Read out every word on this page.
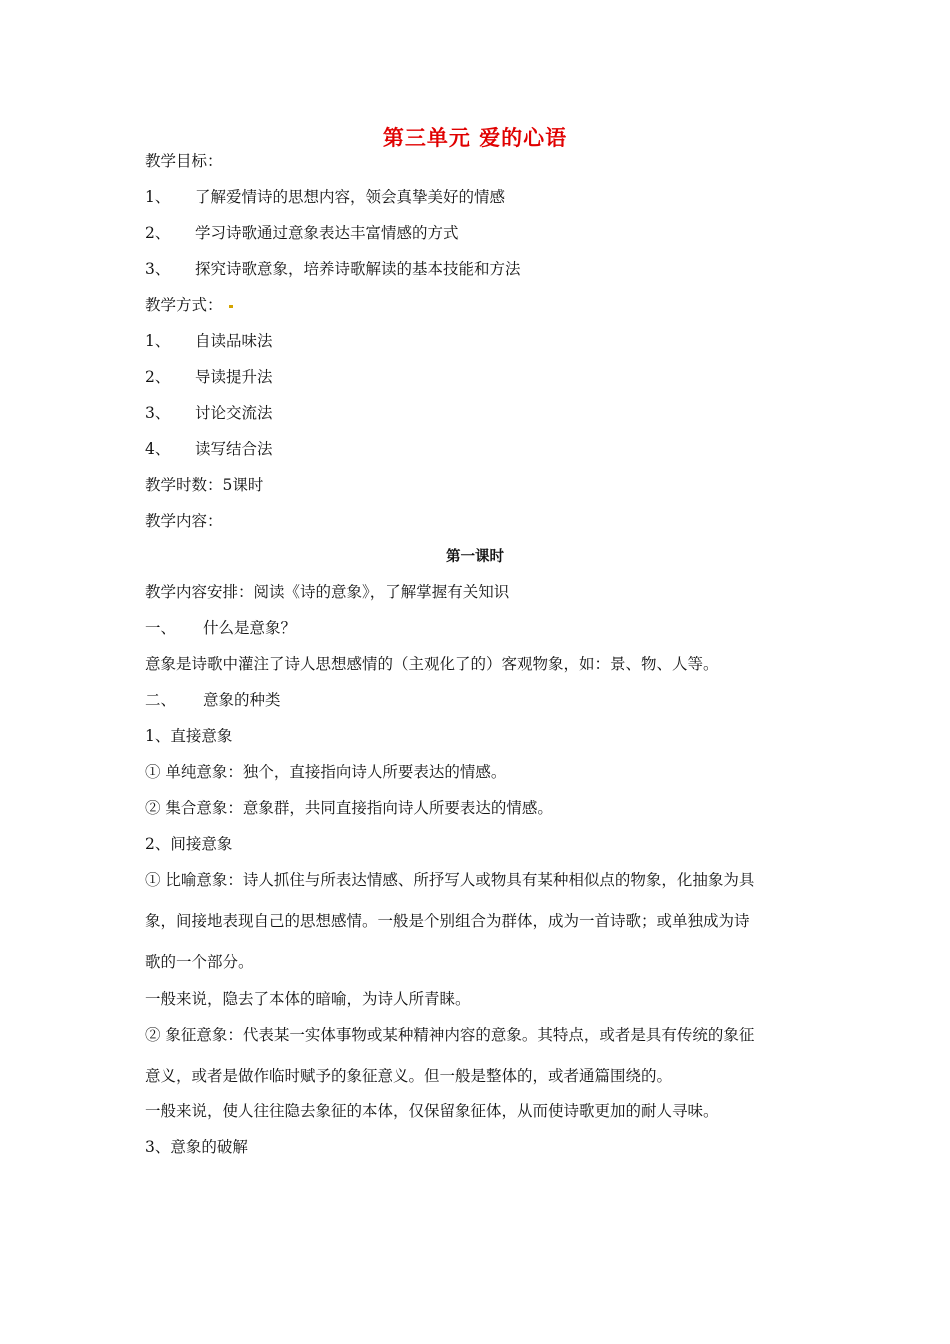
第三单元 爱的心语
教学目标：
1、 了解爱情诗的思想内容，领会真挚美好的情感
2、 学习诗歌通过意象表达丰富情感的方式
3、 探究诗歌意象，培养诗歌解读的基本技能和方法
教学方式：
1、 自读品味法
2、 导读提升法
3、 讨论交流法
4、 读写结合法
教学时数：5课时
教学内容：
第一课时
教学内容安排：阅读《诗的意象》，了解掌握有关知识
一、 什么是意象？
意象是诗歌中灌注了诗人思想感情的（主观化了的）客观物象，如：景、物、人等。
二、 意象的种类
1、直接意象
① 单纯意象：独个，直接指向诗人所要表达的情感。
② 集合意象：意象群，共同直接指向诗人所要表达的情感。
2、间接意象
① 比喻意象：诗人抓住与所表达情感、所抒写人或物具有某种相似点的物象，化抽象为具
象，间接地表现自己的思想感情。一般是个别组合为群体，成为一首诗歌；或单独成为诗
歌的一个部分。
一般来说，隐去了本体的暗喻，为诗人所青睐。
② 象征意象：代表某一实体事物或某种精神内容的意象。其特点，或者是具有传统的象征
意义，或者是做作临时赋予的象征意义。但一般是整体的，或者通篇围绕的。
一般来说，使人往往隐去象征的本体，仅保留象征体，从而使诗歌更加的耐人寻味。
3、意象的破解
